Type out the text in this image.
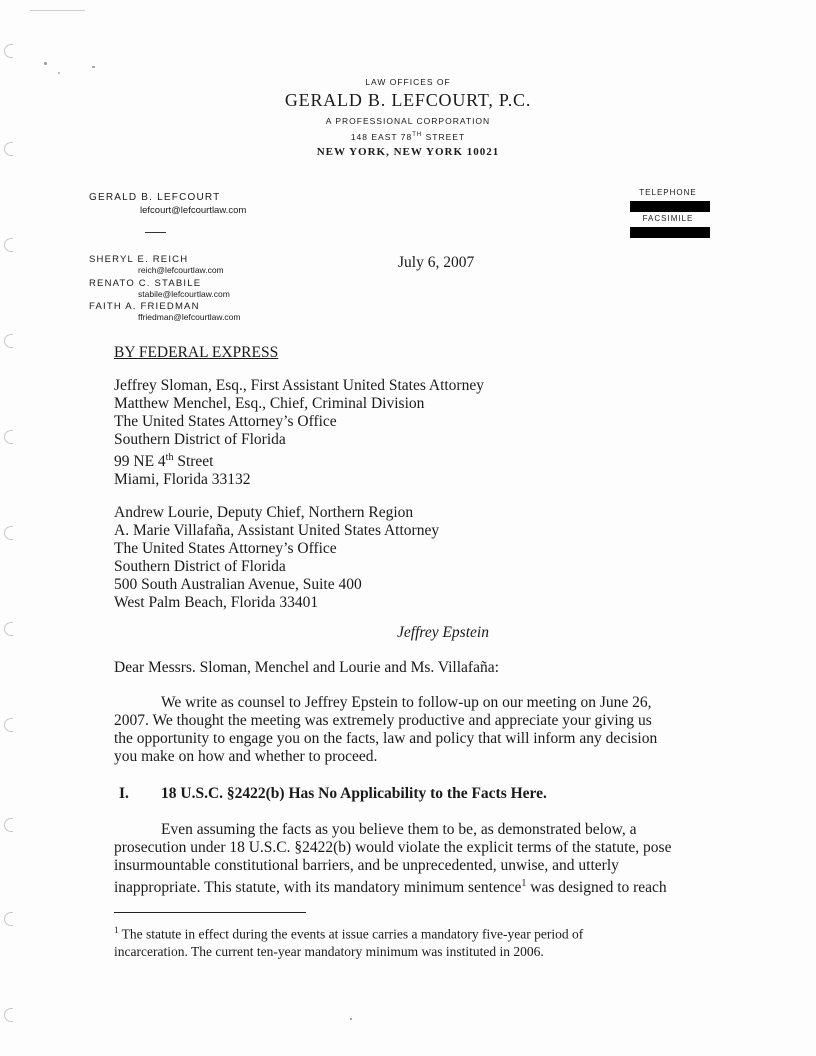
LAW OFFICES OF
GERALD B. LEFCOURT, P.C.
A PROFESSIONAL CORPORATION
148 EAST 78TH STREET
NEW YORK, NEW YORK 10021
TELEPHONE
FACSIMILE
GERALD B. LEFCOURT
lefcourt@lefcourtlaw.com
SHERYL E. REICH
reich@lefcourtlaw.com
RENATO C. STABILE
stabile@lefcourtlaw.com
FAITH A. FRIEDMAN
ffriedman@lefcourtlaw.com
July 6, 2007
BY FEDERAL EXPRESS
Jeffrey Sloman, Esq., First Assistant United States Attorney
Matthew Menchel, Esq., Chief, Criminal Division
The United States Attorney’s Office
Southern District of Florida
99 NE 4th Street
Miami, Florida 33132
Andrew Lourie, Deputy Chief, Northern Region
A. Marie Villafaña, Assistant United States Attorney
The United States Attorney’s Office
Southern District of Florida
500 South Australian Avenue, Suite 400
West Palm Beach, Florida 33401
Jeffrey Epstein
Dear Messrs. Sloman, Menchel and Lourie and Ms. Villafaña:
We write as counsel to Jeffrey Epstein to follow-up on our meeting on June 26,
2007. We thought the meeting was extremely productive and appreciate your giving us
the opportunity to engage you on the facts, law and policy that will inform any decision
you make on how and whether to proceed.
I. 18 U.S.C. §2422(b) Has No Applicability to the Facts Here.
Even assuming the facts as you believe them to be, as demonstrated below, a
prosecution under 18 U.S.C. §2422(b) would violate the explicit terms of the statute, pose
insurmountable constitutional barriers, and be unprecedented, unwise, and utterly
inappropriate. This statute, with its mandatory minimum sentence$^1$ was designed to reach
$^1$ The statute in effect during the events at issue carries a mandatory five-year period of
incarceration. The current ten-year mandatory minimum was instituted in 2006.
